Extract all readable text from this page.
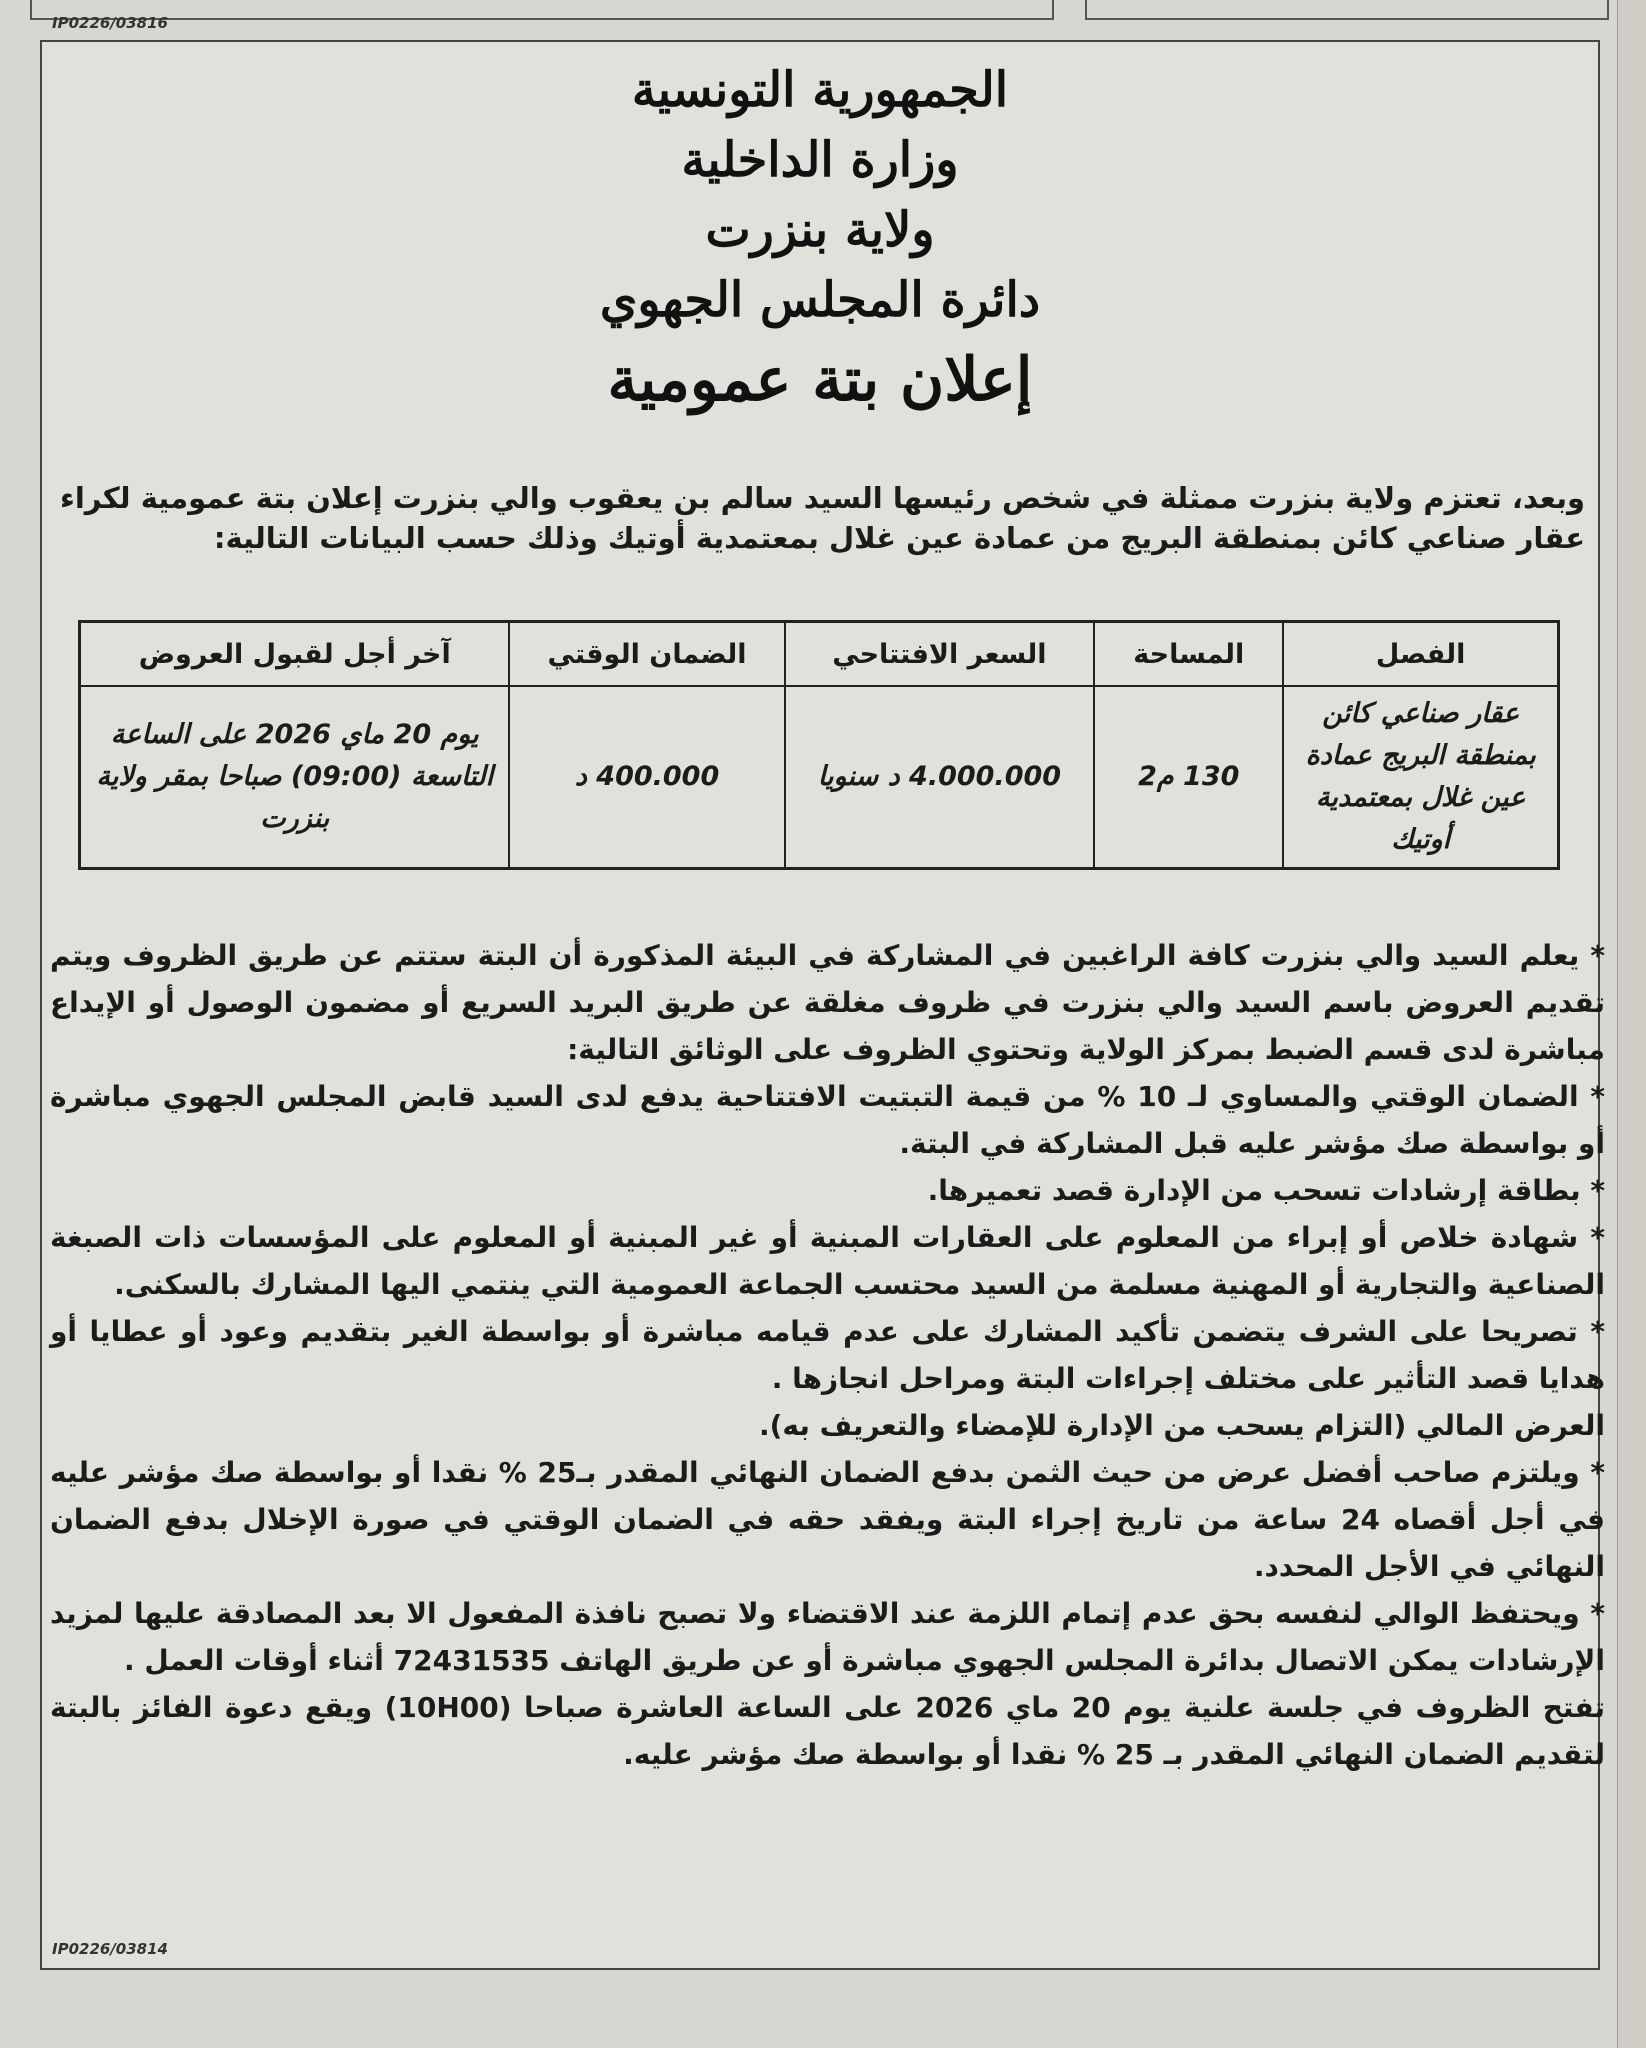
IP0226/03816
الجمهورية التونسية
وزارة الداخلية
ولاية بنزرت
دائرة المجلس الجهوي
إعلان بتة عمومية
وبعد، تعتزم ولاية بنزرت ممثلة في شخص رئيسها السيد سالم بن يعقوب والي بنزرت إعلان بتة عمومية لكراء عقار صناعي كائن بمنطقة البريج من عمادة عين غلال بمعتمدية أوتيك وذلك حسب البيانات التالية:
الفصل	المساحة	السعر الافتتاحي	الضمان الوقتي	آخر أجل لقبول العروض
عقار صناعي كائن بمنطقة البريج عمادة عين غلال بمعتمدية أوتيك	130 م2	4.000.000 د سنويا	400.000 د	يوم 20 ماي 2026 على الساعة التاسعة (09:00) صباحا بمقر ولاية بنزرت

* يعلم السيد والي بنزرت كافة الراغبين في المشاركة في البيئة المذكورة أن البتة ستتم عن طريق الظروف ويتم تقديم العروض باسم السيد والي بنزرت في ظروف مغلقة عن طريق البريد السريع أو مضمون الوصول أو الإيداع مباشرة لدى قسم الضبط بمركز الولاية وتحتوي الظروف على الوثائق التالية:

* الضمان الوقتي والمساوي لـ 10 % من قيمة التبتيت الافتتاحية يدفع لدى السيد قابض المجلس الجهوي مباشرة أو بواسطة صك مؤشر عليه قبل المشاركة في البتة.

* بطاقة إرشادات تسحب من الإدارة قصد تعميرها.

* شهادة خلاص أو إبراء من المعلوم على العقارات المبنية أو غير المبنية أو المعلوم على المؤسسات ذات الصبغة الصناعية والتجارية أو المهنية مسلمة من السيد محتسب الجماعة العمومية التي ينتمي اليها المشارك بالسكنى.

* تصريحا على الشرف يتضمن تأكيد المشارك على عدم قيامه مباشرة أو بواسطة الغير بتقديم وعود أو عطايا أو هدايا قصد التأثير على مختلف إجراءات البتة ومراحل انجازها .

العرض المالي (التزام يسحب من الإدارة للإمضاء والتعريف به).

* ويلتزم صاحب أفضل عرض من حيث الثمن بدفع الضمان النهائي المقدر بـ25 % نقدا أو بواسطة صك مؤشر عليه في أجل أقصاه 24 ساعة من تاريخ إجراء البتة ويفقد حقه في الضمان الوقتي في صورة الإخلال بدفع الضمان النهائي في الأجل المحدد.

* ويحتفظ الوالي لنفسه بحق عدم إتمام اللزمة عند الاقتضاء ولا تصبح نافذة المفعول الا بعد المصادقة عليها لمزيد الإرشادات يمكن الاتصال بدائرة المجلس الجهوي مباشرة أو عن طريق الهاتف 72431535 أثناء أوقات العمل .

تفتح الظروف في جلسة علنية يوم 20 ماي 2026 على الساعة العاشرة صباحا (10H00) ويقع دعوة الفائز بالبتة لتقديم الضمان النهائي المقدر بـ 25 % نقدا أو بواسطة صك مؤشر عليه.

IP0226/03814
